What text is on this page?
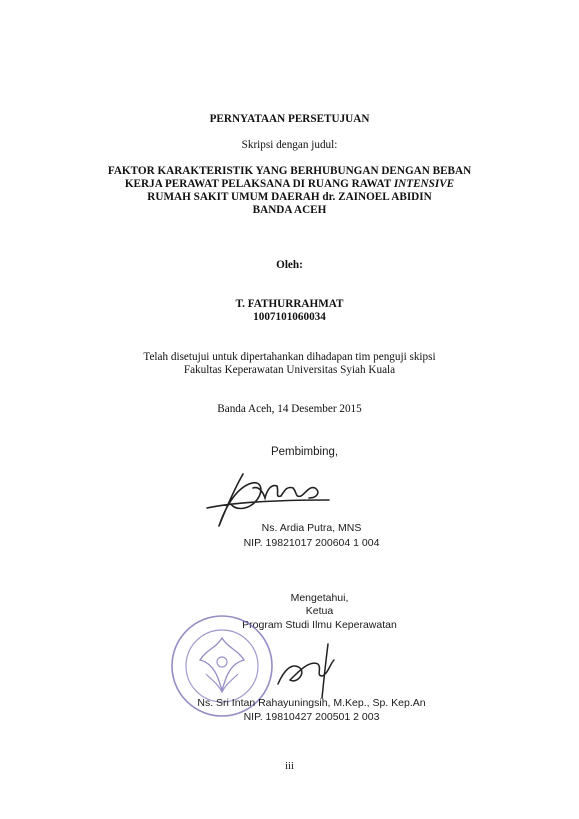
PERNYATAAN PERSETUJUAN
Skripsi dengan judul:
FAKTOR KARAKTERISTIK YANG BERHUBUNGAN DENGAN BEBAN
KERJA PERAWAT PELAKSANA DI RUANG RAWAT INTENSIVE
RUMAH SAKIT UMUM DAERAH dr. ZAINOEL ABIDIN
BANDA ACEH
Oleh:
T. FATHURRAHMAT
1007101060034
Telah disetujui untuk dipertahankan dihadapan tim penguji skipsi
Fakultas Keperawatan Universitas Syiah Kuala
Banda Aceh, 14 Desember 2015
Pembimbing,
Ns. Ardia Putra, MNS
NIP. 19821017 200604 1 004
Mengetahui,
Ketua
Program Studi Ilmu Keperawatan
Ns. Sri Intan Rahayuningsih, M.Kep., Sp. Kep.An
NIP. 19810427 200501 2 003
iii
